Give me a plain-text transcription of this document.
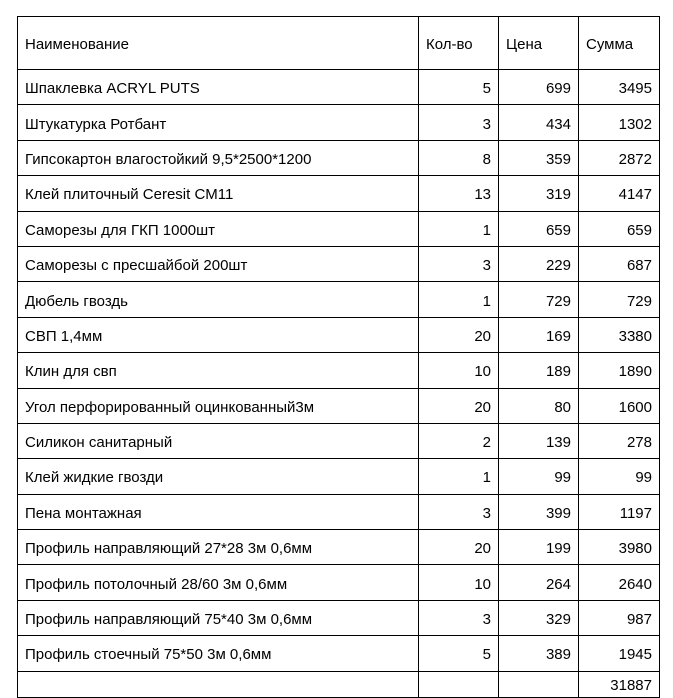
Наименование	Кол-во	Цена	Сумма
Шпаклевка ACRYL PUTS	5	699	3495
Штукатурка Ротбант	3	434	1302
Гипсокартон влагостойкий 9,5*2500*1200	8	359	2872
Клей плиточный Ceresit CM11	13	319	4147
Саморезы для ГКП 1000шт	1	659	659
Саморезы с пресшайбой 200шт	3	229	687
Дюбель гвоздь	1	729	729
СВП 1,4мм	20	169	3380
Клин для свп	10	189	1890
Угол перфорированный оцинкованный3м	20	80	1600
Силикон санитарный	2	139	278
Клей жидкие гвозди	1	99	99
Пена монтажная	3	399	1197
Профиль направляющий 27*28 3м 0,6мм	20	199	3980
Профиль потолочный 28/60 3м 0,6мм	10	264	2640
Профиль направляющий 75*40 3м 0,6мм	3	329	987
Профиль стоечный 75*50 3м 0,6мм	5	389	1945
			31887
